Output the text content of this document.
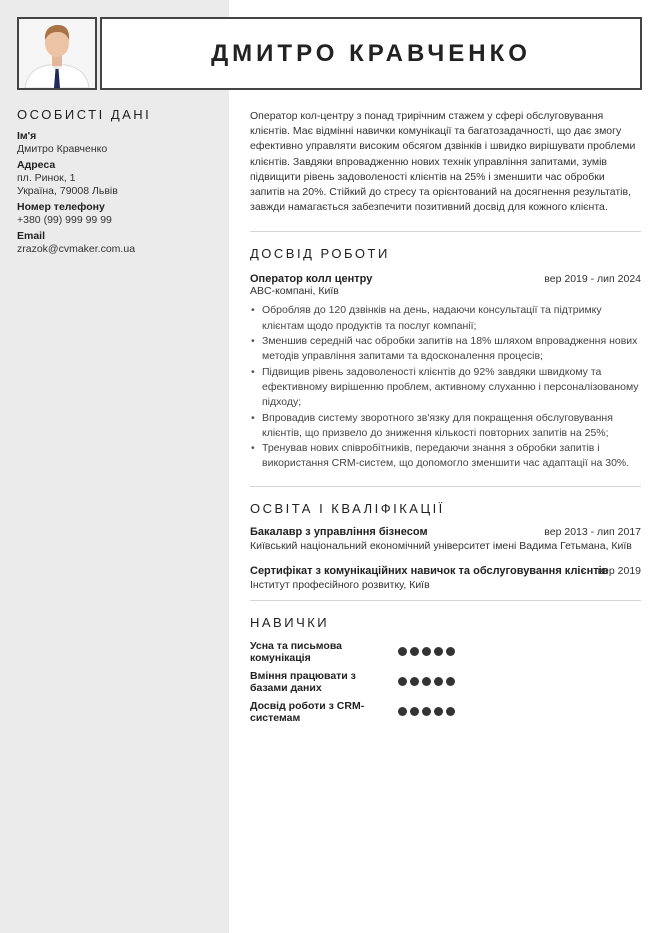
ДМИТРО КРАВЧЕНКО
ОСОБИСТІ ДАНІ
Ім'я
Дмитро Кравченко
Адреса
пл. Ринок, 1
Україна, 79008 Львів
Номер телефону
+380 (99) 999 99 99
Email
zrazok@cvmaker.com.ua

Оператор кол-центру з понад трирічним стажем у сфері обслуговування клієнтів. Має відмінні навички комунікації та багатозадачності, що дає змогу ефективно управляти високим обсягом дзвінків і швидко вирішувати проблеми клієнтів. Завдяки впровадженню нових технік управління запитами, зумів підвищити рівень задоволеності клієнтів на 25% і зменшити час обробки запитів на 20%. Стійкий до стресу та орієнтований на досягнення результатів, завжди намагається забезпечити позитивний досвід для кожного клієнта.

ДОСВІД РОБОТИ
Оператор колл центру	вер 2019 - лип 2024
ABC-компанi, Київ
• Обробляв до 120 дзвінків на день, надаючи консультації та підтримку клієнтам щодо продуктів та послуг компанії;
• Зменшив середній час обробки запитів на 18% шляхом впровадження нових методів управління запитами та вдосконалення процесів;
• Підвищив рівень задоволеності клієнтів до 92% завдяки швидкому та ефективному вирішенню проблем, активному слуханню і персоналізованому підходу;
• Впровадив систему зворотного зв'язку для покращення обслуговування клієнтів, що призвело до зниження кількості повторних запитів на 25%;
• Тренував нових співробітників, передаючи знання з обробки запитів і використання CRM-систем, що допомогло зменшити час адаптації на 30%.
ОСВІТА І КВАЛІФІКАЦІЇ
Бакалавр з управління бізнесом	вер 2013 - лип 2017
Київський національний економічний університет імені Вадима Гетьмана, Київ
Сертифікат з комунікаційних навичок та обслуговування клієнтів
вер 2019
Інститут професійного розвитку, Київ
НАВИЧКИ
Усна та письмова комунікація
Вміння працювати з базами даних
Досвід роботи з CRM-системам
